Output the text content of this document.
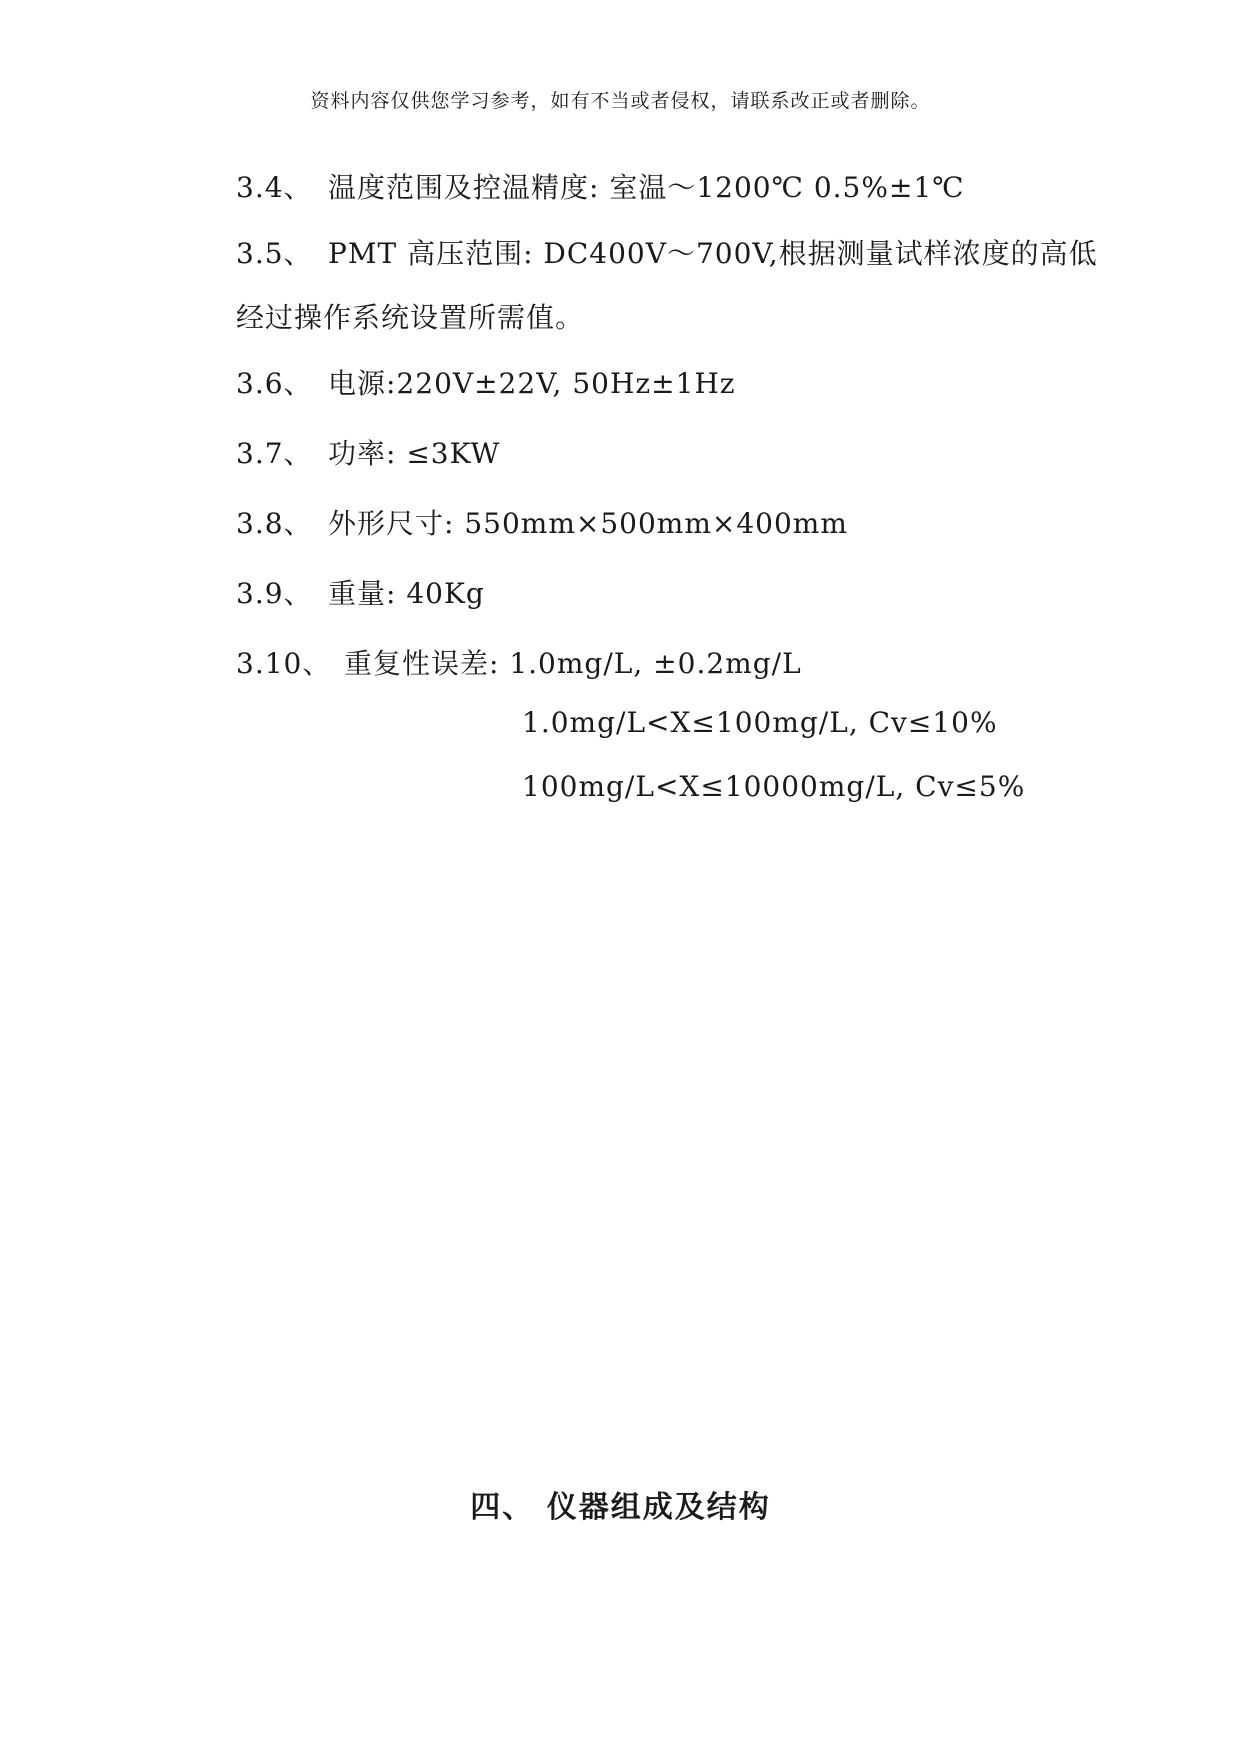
资料内容仅供您学习参考，如有不当或者侵权，请联系改正或者删除。
3.4、 温度范围及控温精度: 室温～1200℃ 0.5%±1℃
3.5、 PMT 高压范围: DC400V～700V,根据测量试样浓度的高低
经过操作系统设置所需值。
3.6、 电源:220V±22V, 50Hz±1Hz
3.7、 功率: ≤3KW
3.8、 外形尺寸: 550mm×500mm×400mm
3.9、 重量: 40Kg
3.10、 重复性误差: 1.0mg/L, ±0.2mg/L
1.0mg/L<X≤100mg/L, Cv≤10%
100mg/L<X≤10000mg/L, Cv≤5%
四、 仪器组成及结构
